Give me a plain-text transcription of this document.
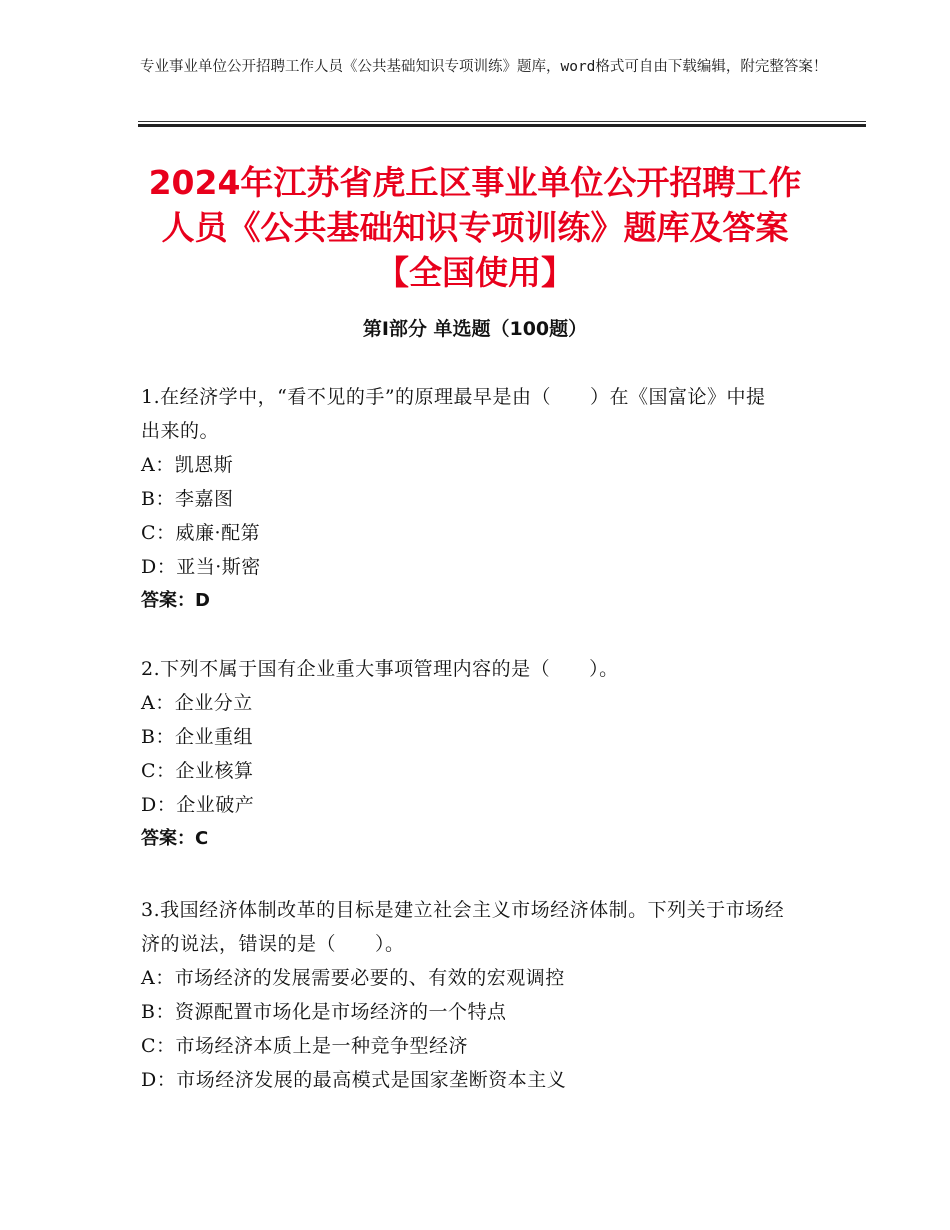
专业事业单位公开招聘工作人员《公共基础知识专项训练》题库，word格式可自由下载编辑，附完整答案！
2024年江苏省虎丘区事业单位公开招聘工作
人员《公共基础知识专项训练》题库及答案
【全国使用】
第Ⅰ部分 单选题（100题）

1.在经济学中，“看不见的手”的原理最早是由（　　）在《国富论》中提出来的。

A：凯恩斯

B：李嘉图

C：威廉·配第

D：亚当·斯密

答案：D

2.下列不属于国有企业重大事项管理内容的是（　　）。

A：企业分立

B：企业重组

C：企业核算

D：企业破产

答案：C

3.我国经济体制改革的目标是建立社会主义市场经济体制。下列关于市场经济的说法，错误的是（　　）。

A：市场经济的发展需要必要的、有效的宏观调控

B：资源配置市场化是市场经济的一个特点

C：市场经济本质上是一种竞争型经济

D：市场经济发展的最高模式是国家垄断资本主义
